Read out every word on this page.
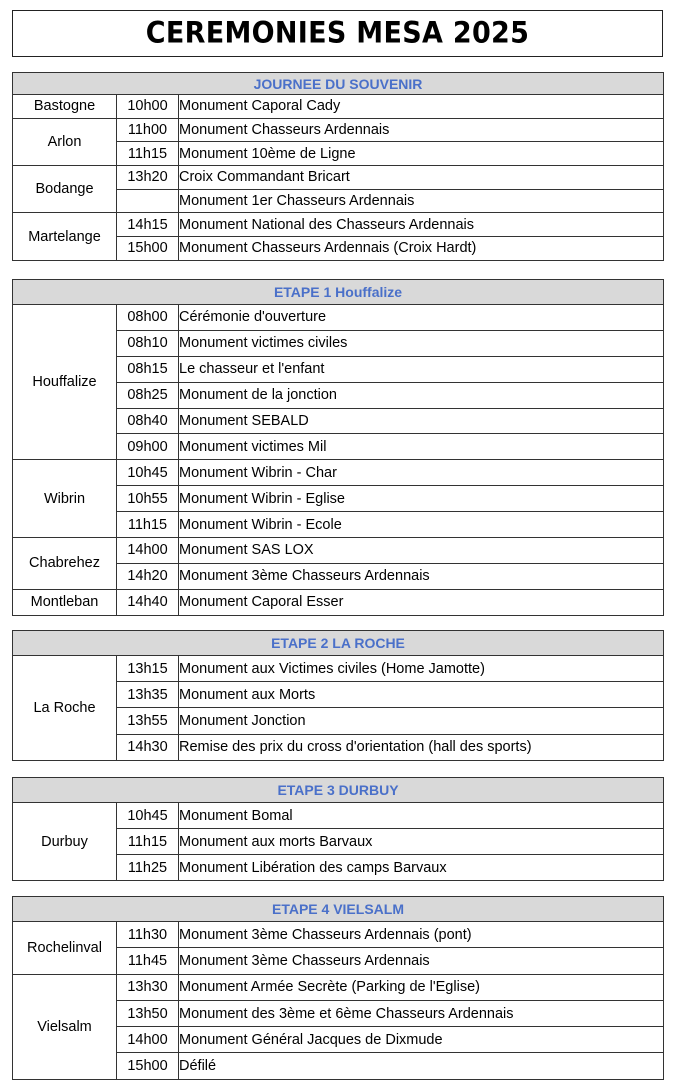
CEREMONIES MESA 2025
JOURNEE DU SOUVENIR		
Bastogne	10h00	Monument Caporal Cady
Arlon	11h00	Monument Chasseurs Ardennais
	11h15	Monument 10ème de Ligne
Bodange	13h20	Croix Commandant Bricart
		Monument 1er Chasseurs Ardennais
Martelange	14h15	Monument National des Chasseurs Ardennais
	15h00	Monument Chasseurs Ardennais (Croix Hardt)
ETAPE 1 Houffalize		
Houffalize	08h00	Cérémonie d'ouverture
	08h10	Monument victimes civiles
	08h15	Le chasseur et l'enfant
	08h25	Monument de la jonction
	08h40	Monument SEBALD
	09h00	Monument victimes Mil
Wibrin	10h45	Monument Wibrin - Char
	10h55	Monument Wibrin - Eglise
	11h15	Monument Wibrin - Ecole
Chabrehez	14h00	Monument SAS LOX
	14h20	Monument 3ème Chasseurs Ardennais
Montleban	14h40	Monument Caporal Esser
ETAPE 2 LA ROCHE		
La Roche	13h15	Monument aux Victimes civiles (Home Jamotte)
	13h35	Monument aux Morts
	13h55	Monument Jonction
	14h30	Remise des prix du cross d'orientation (hall des sports)
ETAPE 3 DURBUY		
Durbuy	10h45	Monument Bomal
	11h15	Monument aux morts Barvaux
	11h25	Monument Libération des camps Barvaux
ETAPE 4 VIELSALM		
Rochelinval	11h30	Monument 3ème Chasseurs Ardennais (pont)
	11h45	Monument 3ème Chasseurs Ardennais
Vielsalm	13h30	Monument Armée Secrète (Parking de l'Eglise)
	13h50	Monument des 3ème et 6ème Chasseurs Ardennais
	14h00	Monument Général Jacques de Dixmude
	15h00	Défilé
